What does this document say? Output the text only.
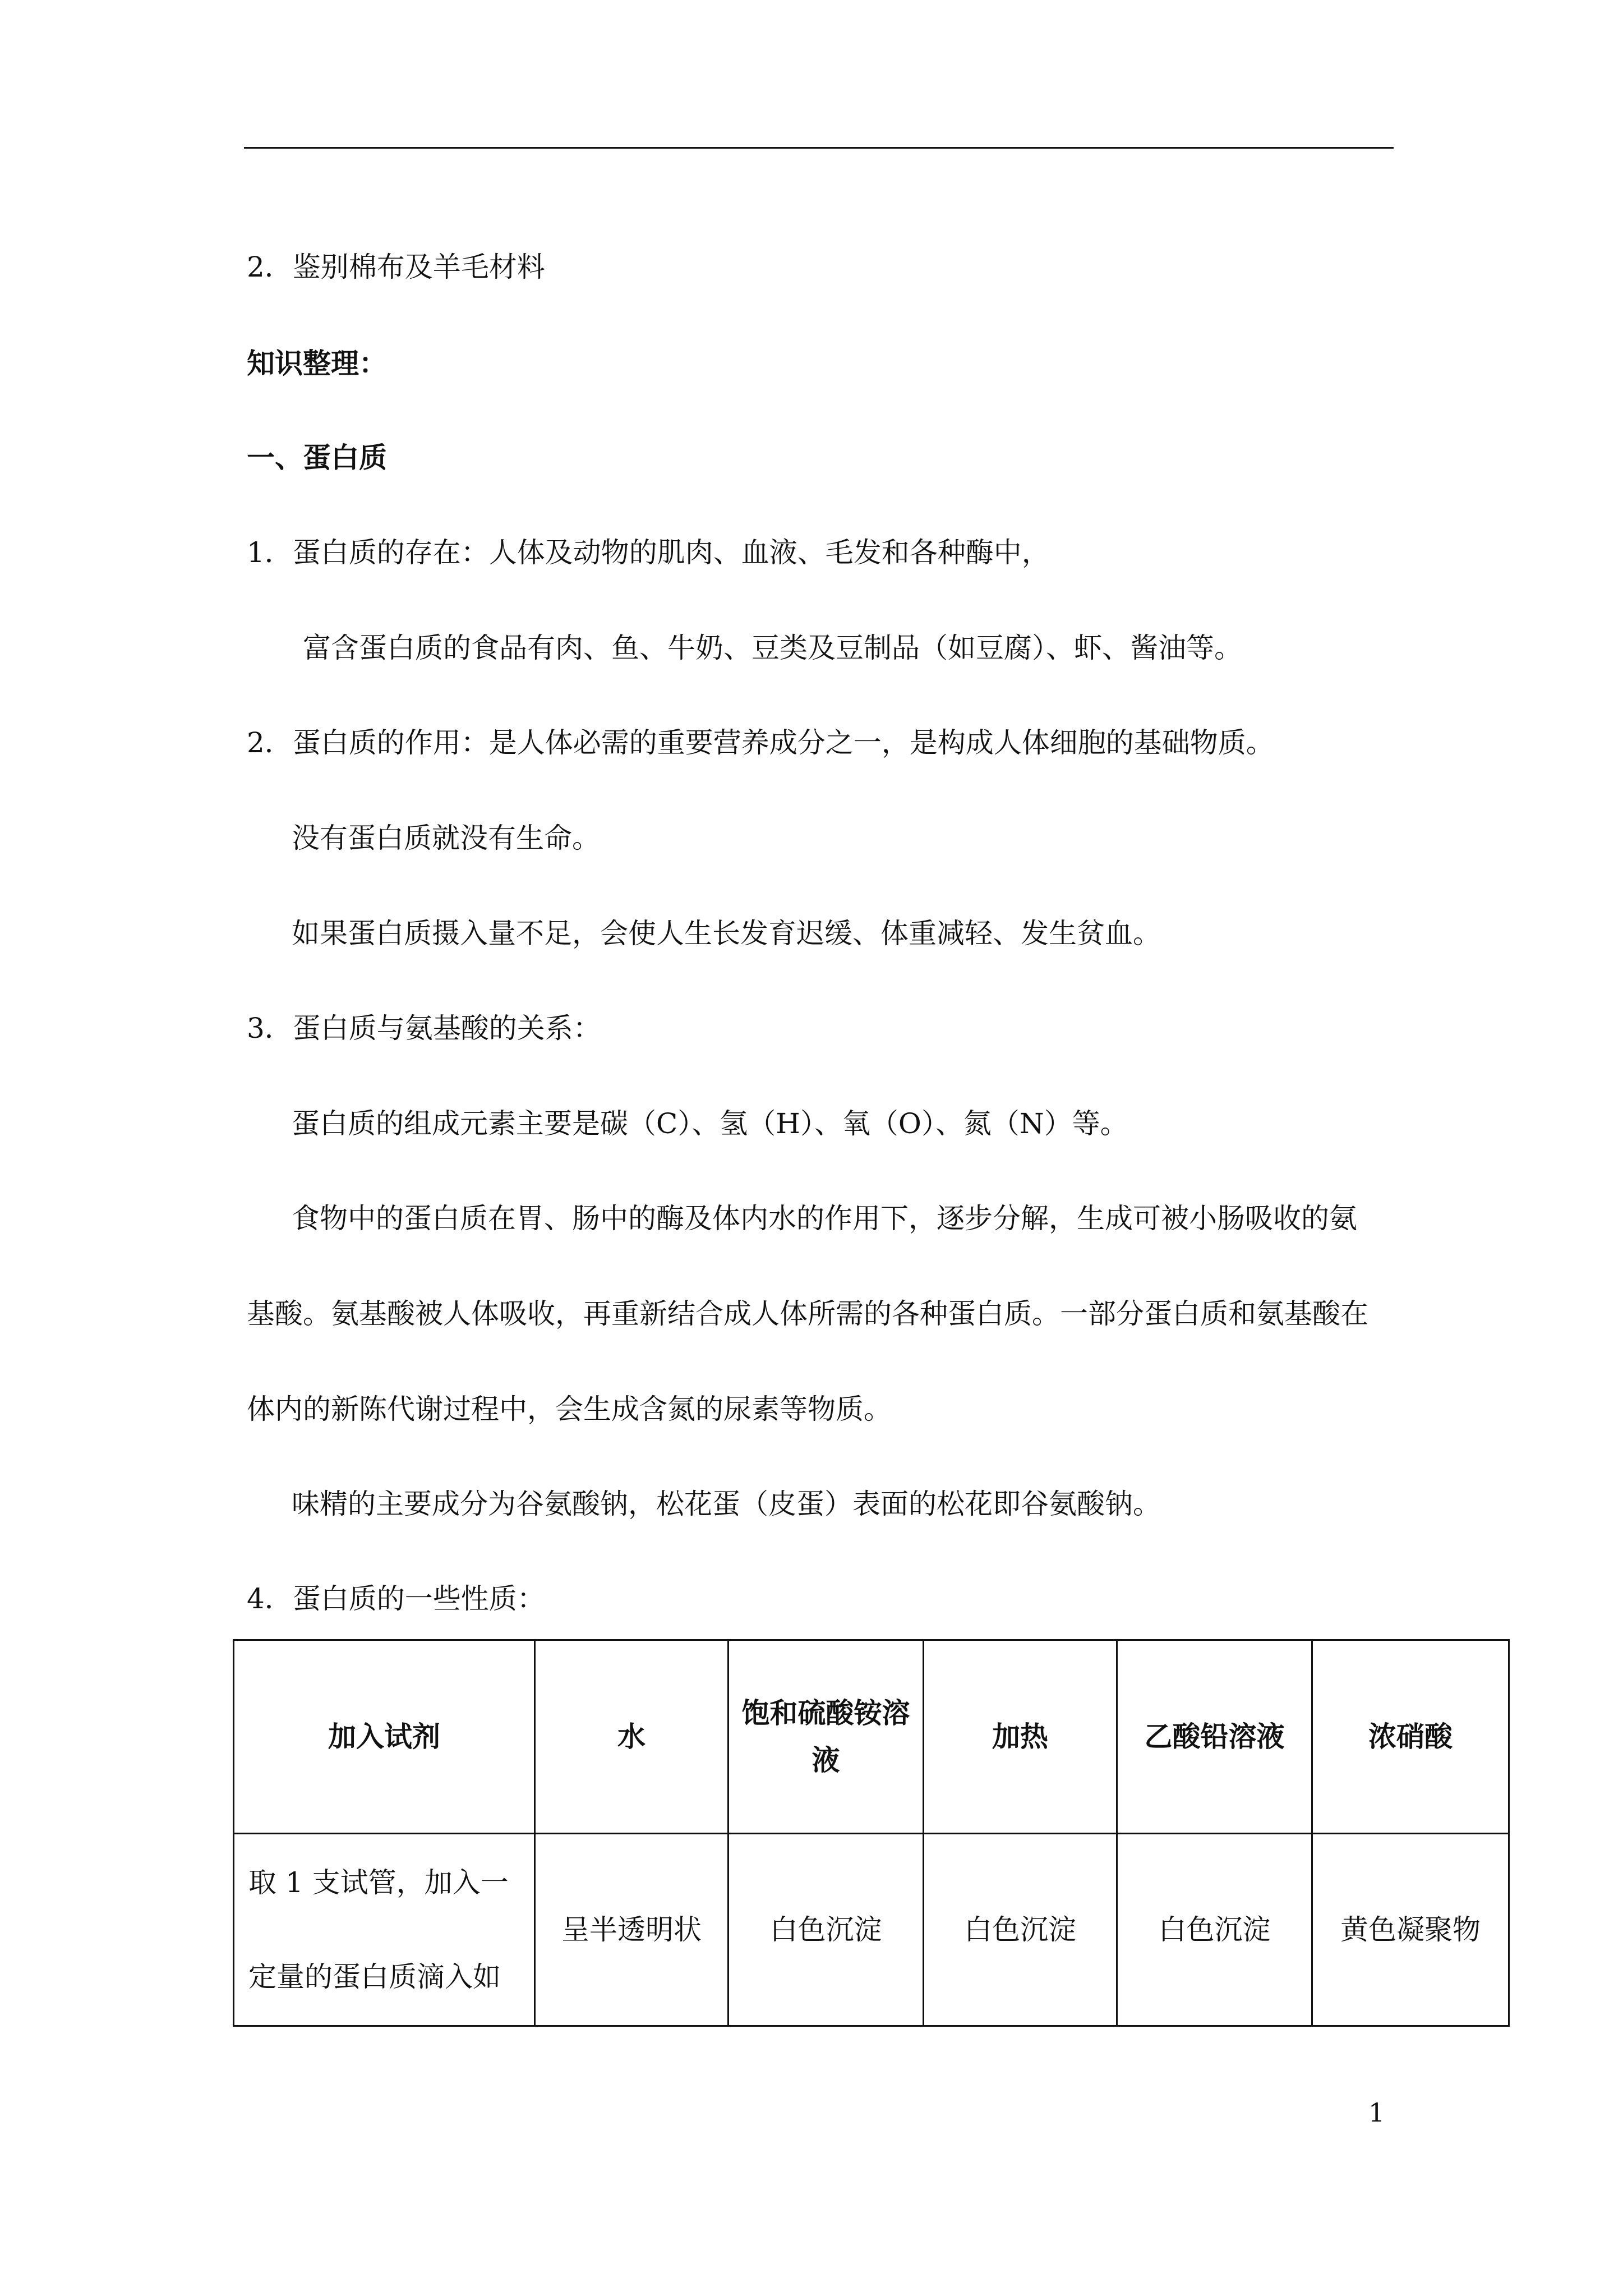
2．鉴别棉布及羊毛材料
知识整理：
一、蛋白质
1．蛋白质的存在：人体及动物的肌肉、血液、毛发和各种酶中，
富含蛋白质的食品有肉、鱼、牛奶、豆类及豆制品（如豆腐）、虾、酱油等。
2．蛋白质的作用：是人体必需的重要营养成分之一，是构成人体细胞的基础物质。
没有蛋白质就没有生命。
如果蛋白质摄入量不足，会使人生长发育迟缓、体重减轻、发生贫血。
3．蛋白质与氨基酸的关系：
蛋白质的组成元素主要是碳（C）、氢（H）、氧（O）、氮（N）等。
食物中的蛋白质在胃、肠中的酶及体内水的作用下，逐步分解，生成可被小肠吸收的氨
基酸。氨基酸被人体吸收，再重新结合成人体所需的各种蛋白质。一部分蛋白质和氨基酸在
体内的新陈代谢过程中，会生成含氮的尿素等物质。
味精的主要成分为谷氨酸钠，松花蛋（皮蛋）表面的松花即谷氨酸钠。
4．蛋白质的一些性质：
加入试剂	水	饱和硫酸铵溶液	加热	乙酸铅溶液	浓硝酸
取 1 支试管，加入一定量的蛋白质滴入如	呈半透明状	白色沉淀	白色沉淀	白色沉淀	黄色凝聚物
1
